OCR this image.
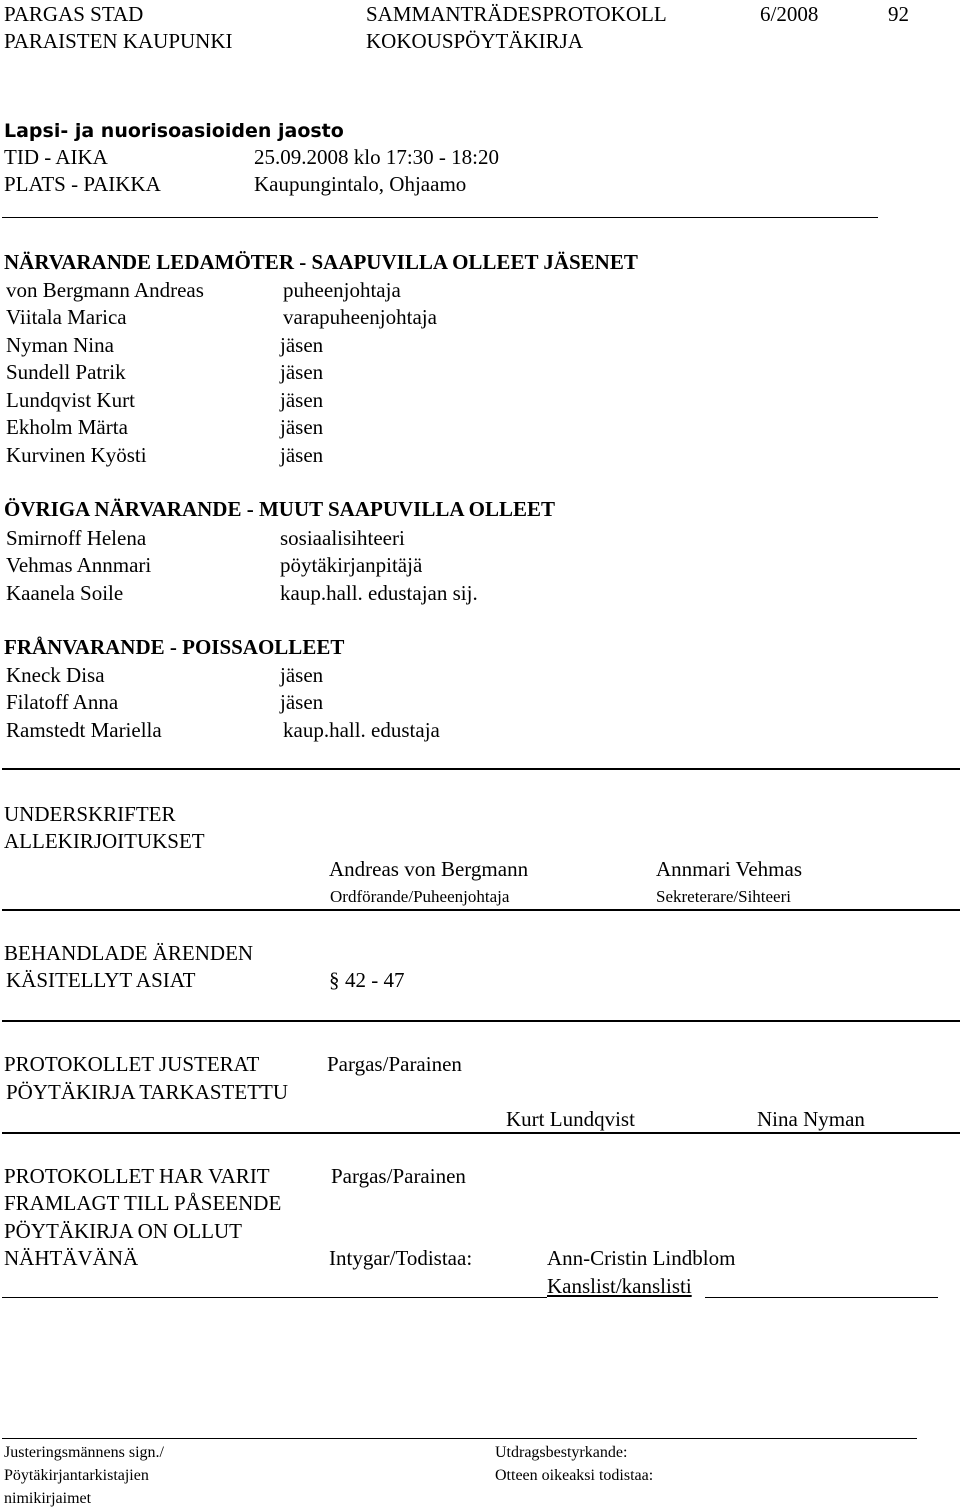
PARGAS STAD
PARAISTEN KAUPUNKI
SAMMANTRÄDESPROTOKOLL
KOKOUSPÖYTÄKIRJA
6/2008	92
Lapsi- ja nuorisoasioiden jaosto
TID - AIKA	25.09.2008 klo 17:30 - 18:20
PLATS - PAIKKA	Kaupungintalo, Ohjaamo
NÄRVARANDE LEDAMÖTER - SAAPUVILLA OLLEET JÄSENET
von Bergmann Andreas	puheenjohtaja
Viitala Marica	varapuheenjohtaja
Nyman Nina	jäsen
Sundell Patrik	jäsen
Lundqvist Kurt	jäsen
Ekholm Märta	jäsen
Kurvinen Kyösti	jäsen
ÖVRIGA NÄRVARANDE - MUUT SAAPUVILLA OLLEET
Smirnoff Helena	sosiaalisihteeri
Vehmas Annmari	pöytäkirjanpitäjä
Kaanela Soile	kaup.hall. edustajan sij.
FRÅNVARANDE - POISSAOLLEET
Kneck Disa	jäsen
Filatoff Anna	jäsen
Ramstedt Mariella	kaup.hall. edustaja
UNDERSKRIFTER
ALLEKIRJOITUKSET
Andreas von Bergmann	Annmari Vehmas
Ordförande/Puheenjohtaja	Sekreterare/Sihteeri
BEHANDLADE ÄRENDEN
KÄSITELLYT ASIAT	§ 42 - 47
PROTOKOLLET JUSTERAT	Pargas/Parainen
PÖYTÄKIRJA TARKASTETTU
Kurt Lundqvist	Nina Nyman
PROTOKOLLET HAR VARIT	Pargas/Parainen
FRAMLAGT TILL PÅSEENDE
PÖYTÄKIRJA ON OLLUT
NÄHTÄVÄNÄ	Intygar/Todistaa:	Ann-Cristin Lindblom
Kanslist/kanslisti
Justeringsmännens sign./
Pöytäkirjantarkistajien
nimikirjaimet
Utdragsbestyrkande:
Otteen oikeaksi todistaa:
